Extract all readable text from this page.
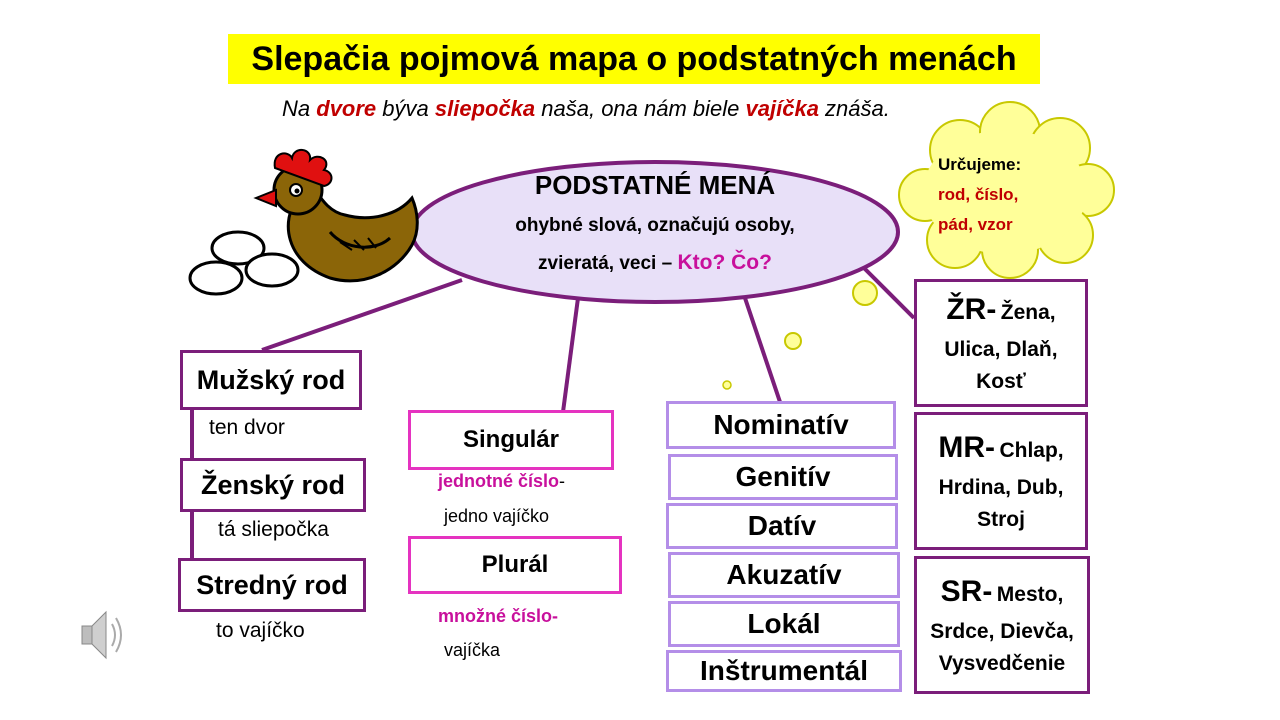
Slepačia pojmová mapa o podstatných menách
Na dvore býva sliepočka naša, ona nám biele vajíčka znáša.
PODSTATNÉ MENÁ
ohybné slová, označujú osoby,
zvieratá, veci – Kto? Čo?
Určujeme:
rod, číslo,
pád, vzor
Mužský rod
ten dvor
Ženský rod
tá sliepočka
Stredný rod
to vajíčko
Singulár
jednotné číslo-
jedno vajíčko
Plurál
množné číslo-
vajíčka
Nominatív
Genitív
Datív
Akuzatív
Lokál
Inštrumentál
ŽR- Žena,
Ulica, Dlaň,
Kosť
MR- Chlap,
Hrdina, Dub,
Stroj
SR- Mesto,
Srdce, Dievča,
Vysvedčenie
